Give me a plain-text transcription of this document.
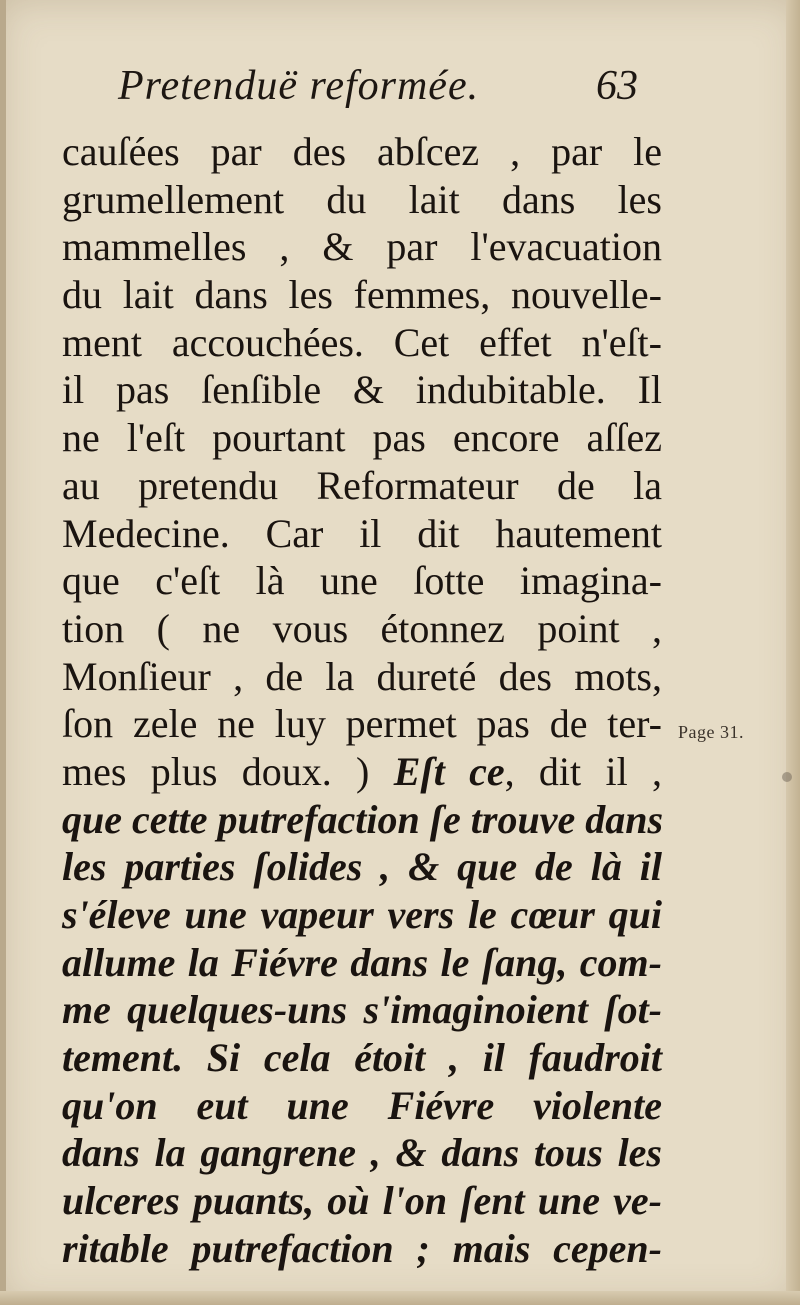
Pretenduë reformée.	63
cauſées par des abſcez , par le
grumellement du lait dans les
mammelles , & par l'evacuation
du lait dans les femmes, nouvelle-
ment accouchées. Cet effet n'eſt-
il pas ſenſible & indubitable. Il
ne l'eſt pourtant pas encore aſſez
au pretendu Reformateur de la
Medecine. Car il dit hautement
que c'eſt là une ſotte imagina-
tion ( ne vous étonnez point ,
Monſieur , de la dureté des mots,
ſon zele ne luy permet pas de ter-
mes plus doux. ) Eſt ce, dit il ,
que cette putrefaction ſe trouve dans
les parties ſolides , & que de là il
s'éleve une vapeur vers le cœur qui
allume la Fiévre dans le ſang, com-
me quelques-uns s'imaginoient ſot-
tement. Si cela étoit , il faudroit
qu'on eut une Fiévre violente
dans la gangrene , & dans tous les
ulceres puants, où l'on ſent une ve-
ritable putrefaction ; mais cepen-
Page 31.
